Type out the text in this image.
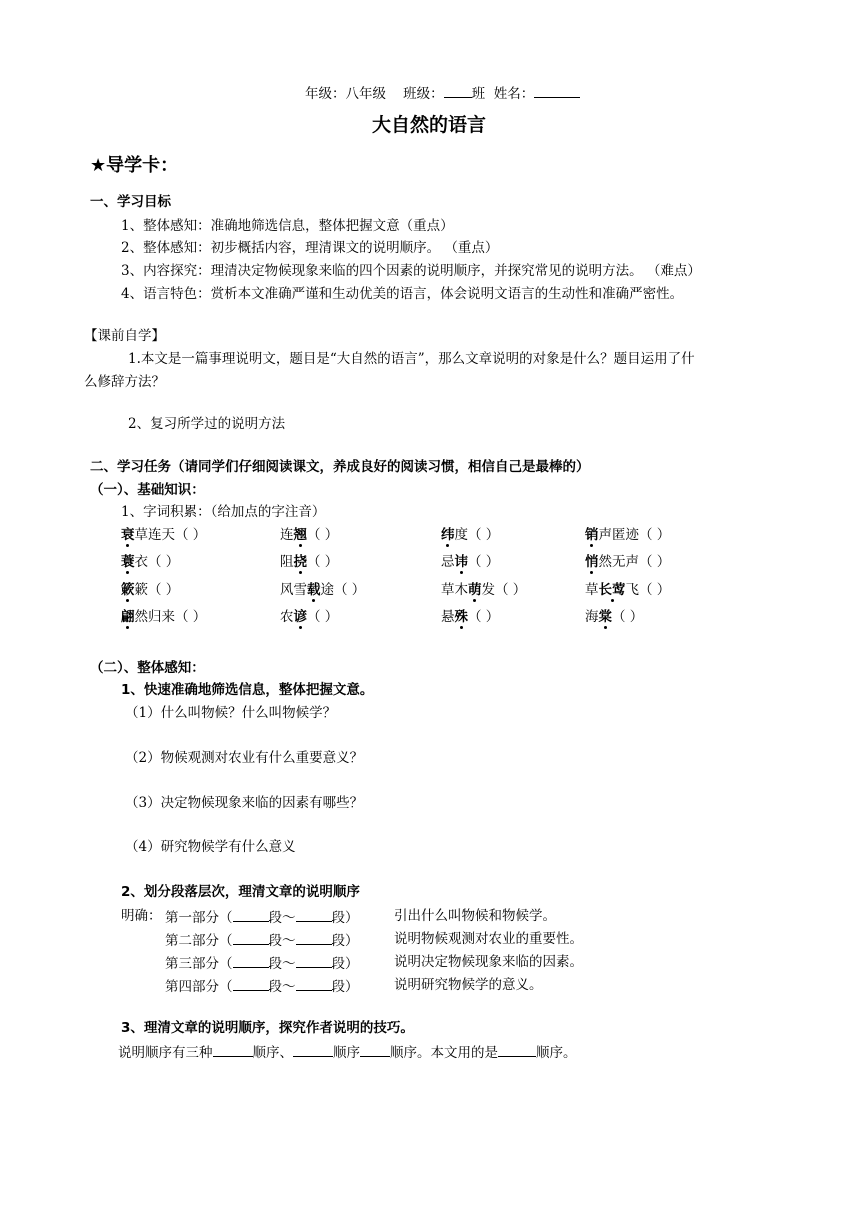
年级：八年级 班级： 班 姓名：
大自然的语言
★导学卡：
一、学习目标
1、整体感知：准确地筛选信息，整体把握文意（重点）
2、整体感知：初步概括内容，理清课文的说明顺序。 （重点）
3、内容探究：理清决定物候现象来临的四个因素的说明顺序，并探究常见的说明方法。 （难点）
4、语言特色：赏析本文准确严谨和生动优美的语言，体会说明文语言的生动性和准确严密性。
【课前自学】
1.本文是一篇事理说明文，题目是“大自然的语言”，那么文章说明的对象是什么？题目运用了什
么修辞方法？
2、复习所学过的说明方法
二、学习任务（请同学们仔细阅读课文，养成良好的阅读习惯，相信自己是最棒的）
（一）、基础知识：
1、字词积累：（给加点的字注音）
衰草连天（ ）	连翘（ ）	纬度（ ）	销声匿迹（ ）
蓑衣（ ）	阻挠（ ）	忌讳（ ）	悄然无声（ ）
簌簌（ ）	风雪载途（ ）	草木萌发（ ）	草长莺飞（ ）
翩然归来（ ）	农谚（ ）	悬殊（ ）	海棠（ ）
（二）、整体感知：
1、快速准确地筛选信息，整体把握文意。
（1）什么叫物候？什么叫物候学？
（2）物候观测对农业有什么重要意义？
（3）决定物候现象来临的因素有哪些？
（4）研究物候学有什么意义
2、划分段落层次，理清文章的说明顺序
明确： 第一部分（	段～	段）	引出什么叫物候和物候学。
第二部分（	段～	段）	说明物候观测对农业的重要性。
第三部分（	段～	段）	说明决定物候现象来临的因素。
第四部分（	段～	段）	说明研究物候学的意义。
3、理清文章的说明顺序，探究作者说明的技巧。
说明顺序有三种	顺序、	顺序 顺序。本文用的是	顺序。
